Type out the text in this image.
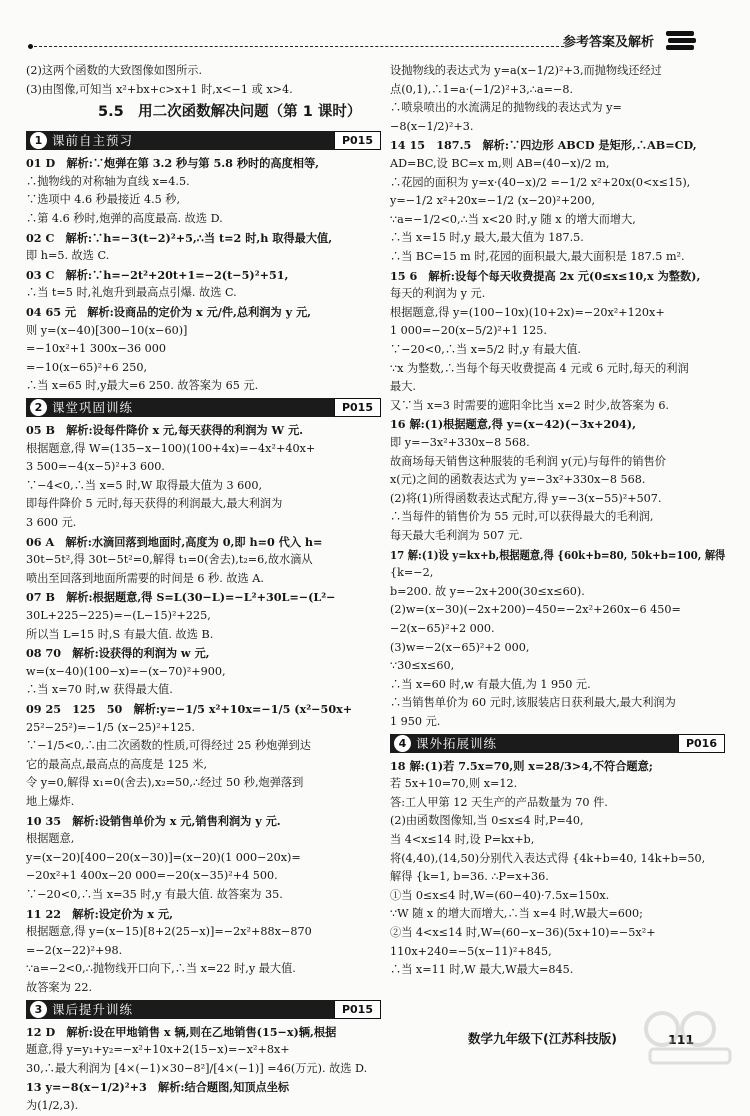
参考答案及解析
(2)这两个函数的大致图像如图所示.
(3)由图像,可知当 x²+bx+c>x+1 时,x<−1 或 x>4.
5.5　用二次函数解决问题（第 1 课时）
1 课前自主预习	P015
01 D　解析:∵炮弹在第 3.2 秒与第 5.8 秒时的高度相等,
∴抛物线的对称轴为直线 x=4.5.
∵选项中 4.6 秒最接近 4.5 秒,
∴第 4.6 秒时,炮弹的高度最高. 故选 D.
02 C　解析:∵h=−3(t−2)²+5,∴当 t=2 时,h 取得最大值,
即 h=5. 故选 C.
03 C　解析:∵h=−2t²+20t+1=−2(t−5)²+51,
∴当 t=5 时,礼炮升到最高点引爆. 故选 C.
04 65 元　解析:设商品的定价为 x 元/件,总利润为 y 元,
则 y=(x−40)[300−10(x−60)]
=−10x²+1 300x−36 000
=−10(x−65)²+6 250,
∴当 x=65 时,y最大=6 250. 故答案为 65 元.
2 课堂巩固训练	P015
05 B　解析:设每件降价 x 元,每天获得的利润为 W 元.
根据题意,得 W=(135−x−100)(100+4x)=−4x²+40x+
3 500=−4(x−5)²+3 600.
∵−4<0,∴当 x=5 时,W 取得最大值为 3 600,
即每件降价 5 元时,每天获得的利润最大,最大利润为
3 600 元.
06 A　解析:水滴回落到地面时,高度为 0,即 h=0 代入 h=
30t−5t²,得 30t−5t²=0,解得 t₁=0(舍去),t₂=6,故水滴从
喷出至回落到地面所需要的时间是 6 秒. 故选 A.
07 B　解析:根据题意,得 S=L(30−L)=−L²+30L=−(L²−
30L+225−225)=−(L−15)²+225,
所以当 L=15 时,S 有最大值. 故选 B.
08 70　解析:设获得的利润为 w 元,
w=(x−40)(100−x)=−(x−70)²+900,
∴当 x=70 时,w 获得最大值.
09 25　125　50　解析:y=−1/5 x²+10x=−1/5 (x²−50x+
25²−25²)=−1/5 (x−25)²+125.
∵−1/5<0,∴由二次函数的性质,可得经过 25 秒炮弹到达
它的最高点,最高点的高度是 125 米,
令 y=0,解得 x₁=0(舍去),x₂=50,∴经过 50 秒,炮弹落到
地上爆炸.
10 35　解析:设销售单价为 x 元,销售利润为 y 元.
根据题意,
y=(x−20)[400−20(x−30)]=(x−20)(1 000−20x)=
−20x²+1 400x−20 000=−20(x−35)²+4 500.
∵−20<0,∴当 x=35 时,y 有最大值. 故答案为 35.
11 22　解析:设定价为 x 元,
根据题意,得 y=(x−15)[8+2(25−x)]=−2x²+88x−870
=−2(x−22)²+98.
∵a=−2<0,∴抛物线开口向下,∴当 x=22 时,y 最大值.
故答案为 22.
3 课后提升训练	P015
12 D　解析:设在甲地销售 x 辆,则在乙地销售(15−x)辆,根据
题意,得 y=y₁+y₂=−x²+10x+2(15−x)=−x²+8x+
30,∴最大利润为 [4×(−1)×30−8²]/[4×(−1)] =46(万元). 故选 D.
13 y=−8(x−1/2)²+3　解析:结合题图,知顶点坐标
为(1/2,3).
设抛物线的表达式为 y=a(x−1/2)²+3,而抛物线还经过
点(0,1),∴1=a·(−1/2)²+3,∴a=−8.
∴喷泉喷出的水流满足的抛物线的表达式为 y=
−8(x−1/2)²+3.
14 15　187.5　解析:∵四边形 ABCD 是矩形,∴AB=CD,
AD=BC,设 BC=x m,则 AB=(40−x)/2 m,
∴花园的面积为 y=x·(40−x)/2 =−1/2 x²+20x(0<x≤15),
y=−1/2 x²+20x=−1/2 (x−20)²+200,
∵a=−1/2<0,∴当 x<20 时,y 随 x 的增大而增大,
∴当 x=15 时,y 最大,最大值为 187.5.
∴当 BC=15 m 时,花园的面积最大,最大面积是 187.5 m².
15 6　解析:设每个每天收费提高 2x 元(0≤x≤10,x 为整数),
每天的利润为 y 元.
根据题意,得 y=(100−10x)(10+2x)=−20x²+120x+
1 000=−20(x−5/2)²+1 125.
∵−20<0,∴当 x=5/2 时,y 有最大值.
∵x 为整数,∴当每个每天收费提高 4 元或 6 元时,每天的利润
最大.
又∵当 x=3 时需要的遮阳伞比当 x=2 时少,故答案为 6.
16 解:(1)根据题意,得 y=(x−42)(−3x+204),
即 y=−3x²+330x−8 568.
故商场每天销售这种服装的毛利润 y(元)与每件的销售价
x(元)之间的函数表达式为 y=−3x²+330x−8 568.
(2)将(1)所得函数表达式配方,得 y=−3(x−55)²+507.
∴当每件的销售价为 55 元时,可以获得最大的毛利润,
每天最大毛利润为 507 元.
17 解:(1)设 y=kx+b,根据题意,得 {60k+b=80, 50k+b=100, 解得
{k=−2,
b=200. 故 y=−2x+200(30≤x≤60).
(2)w=(x−30)(−2x+200)−450=−2x²+260x−6 450=
−2(x−65)²+2 000.
(3)w=−2(x−65)²+2 000,
∵30≤x≤60,
∴当 x=60 时,w 有最大值,为 1 950 元.
∴当销售单价为 60 元时,该服装店日获利最大,最大利润为
1 950 元.
4 课外拓展训练	P016
18 解:(1)若 7.5x=70,则 x=28/3>4,不符合题意;
若 5x+10=70,则 x=12.
答:工人甲第 12 天生产的产品数量为 70 件.
(2)由函数图像知,当 0≤x≤4 时,P=40,
当 4<x≤14 时,设 P=kx+b,
将(4,40),(14,50)分别代入表达式得 {4k+b=40, 14k+b=50,
解得 {k=1, b=36. ∴P=x+36.
①当 0≤x≤4 时,W=(60−40)·7.5x=150x.
∵W 随 x 的增大而增大,∴当 x=4 时,W最大=600;
②当 4<x≤14 时,W=(60−x−36)(5x+10)=−5x²+
110x+240=−5(x−11)²+845,
∴当 x=11 时,W 最大,W最大=845.
数学九年级下(江苏科技版)	111
